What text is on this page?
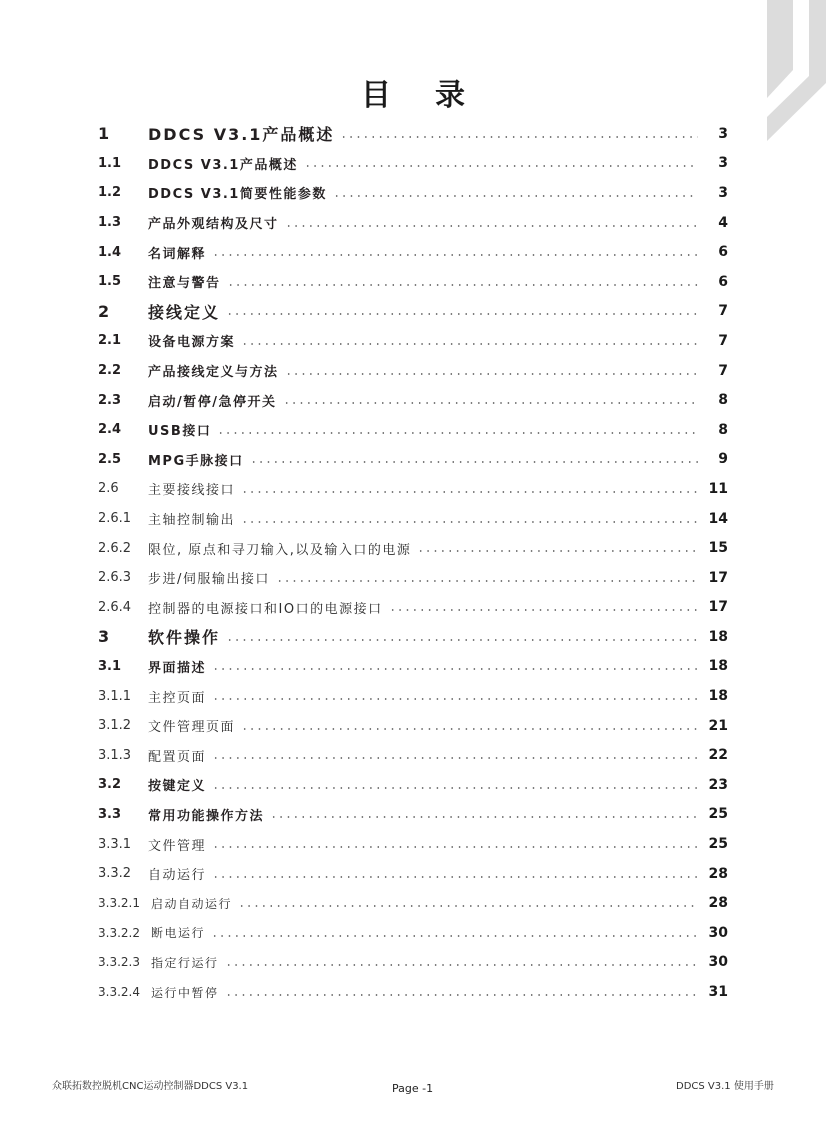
目录
1 DDCS V3.1产品概述	3
1.1 DDCS V3.1产品概述	3
1.2 DDCS V3.1简要性能参数	3
1.3 产品外观结构及尺寸	4
1.4 名词解释	6
1.5 注意与警告	6
2 接线定义	7
2.1 设备电源方案	7
2.2 产品接线定义与方法	7
2.3 启动/暂停/急停开关	8
2.4 USB接口	8
2.5 MPG手脉接口	9
2.6 主要接线接口	11
2.6.1 主轴控制输出	14
2.6.2 限位, 原点和寻刀输入,以及输入口的电源	15
2.6.3 步进/伺服输出接口	17
2.6.4 控制器的电源接口和IO口的电源接口	17
3 软件操作	18
3.1 界面描述	18
3.1.1 主控页面	18
3.1.2 文件管理页面	21
3.1.3 配置页面	22
3.2 按键定义	23
3.3 常用功能操作方法	25
3.3.1 文件管理	25
3.3.2 自动运行	28
3.3.2.1 启动自动运行	28
3.3.2.2 断电运行	30
3.3.2.3 指定行运行	30
3.3.2.4 运行中暂停	31
众联拓数控脱机CNC运动控制器DDCS V3.1	Page -1	DDCS V3.1 使用手册
